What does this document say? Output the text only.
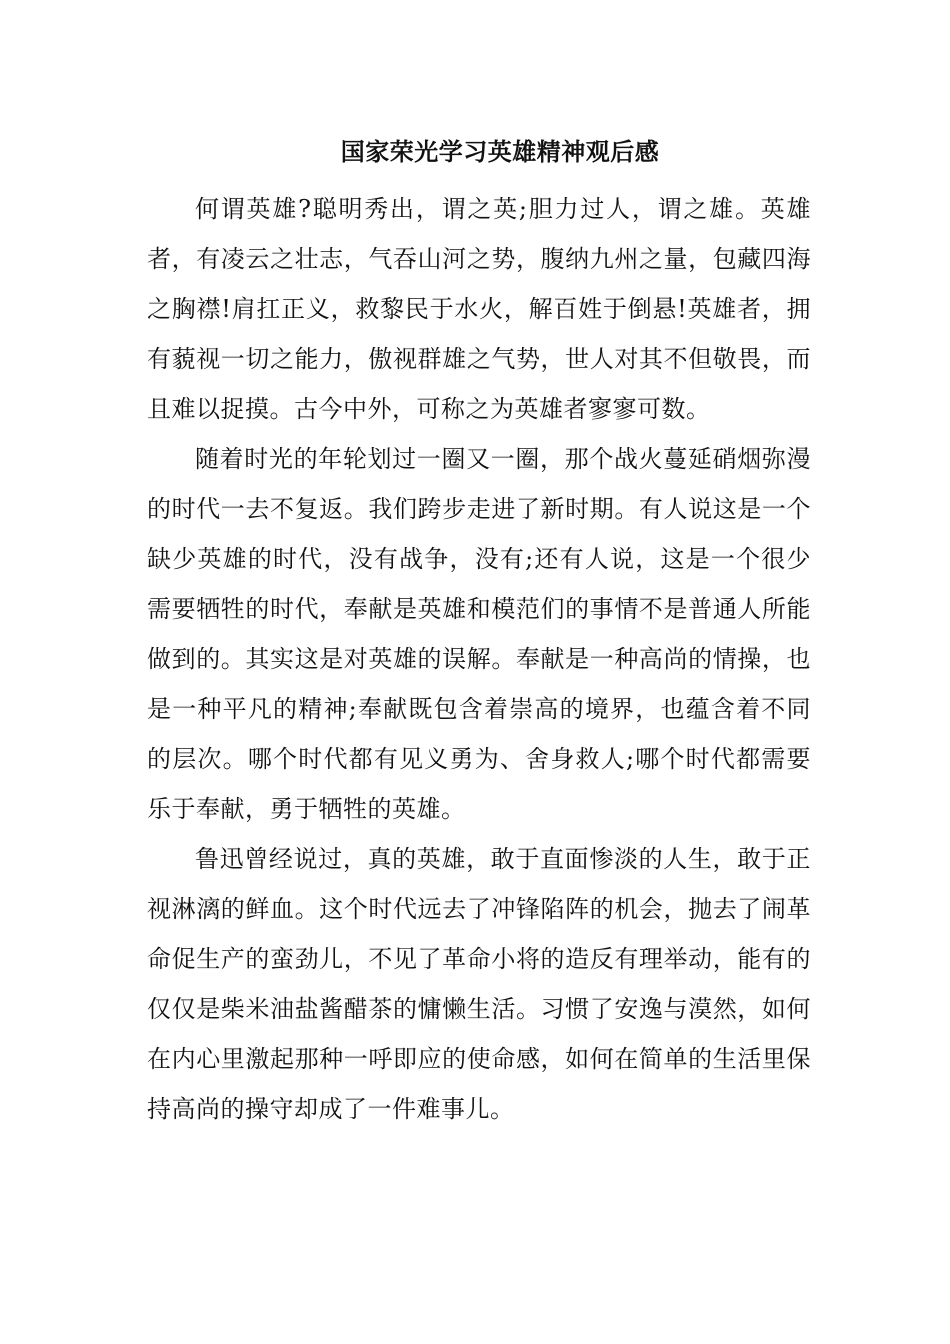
国家荣光学习英雄精神观后感

何谓英雄?聪明秀出，谓之英;胆力过人，谓之雄。英雄者，有凌云之壮志，气吞山河之势，腹纳九州之量，包藏四海之胸襟!肩扛正义，救黎民于水火，解百姓于倒悬!英雄者，拥有藐视一切之能力，傲视群雄之气势，世人对其不但敬畏，而且难以捉摸。古今中外，可称之为英雄者寥寥可数。

随着时光的年轮划过一圈又一圈，那个战火蔓延硝烟弥漫的时代一去不复返。我们跨步走进了新时期。有人说这是一个缺少英雄的时代，没有战争，没有;还有人说，这是一个很少需要牺牲的时代，奉献是英雄和模范们的事情不是普通人所能做到的。其实这是对英雄的误解。奉献是一种高尚的情操，也是一种平凡的精神;奉献既包含着崇高的境界，也蕴含着不同的层次。哪个时代都有见义勇为、舍身救人;哪个时代都需要乐于奉献，勇于牺牲的英雄。

鲁迅曾经说过，真的英雄，敢于直面惨淡的人生，敢于正视淋漓的鲜血。这个时代远去了冲锋陷阵的机会，抛去了闹革命促生产的蛮劲儿，不见了革命小将的造反有理举动，能有的仅仅是柴米油盐酱醋茶的慵懒生活。习惯了安逸与漠然，如何在内心里激起那种一呼即应的使命感，如何在简单的生活里保持高尚的操守却成了一件难事儿。
